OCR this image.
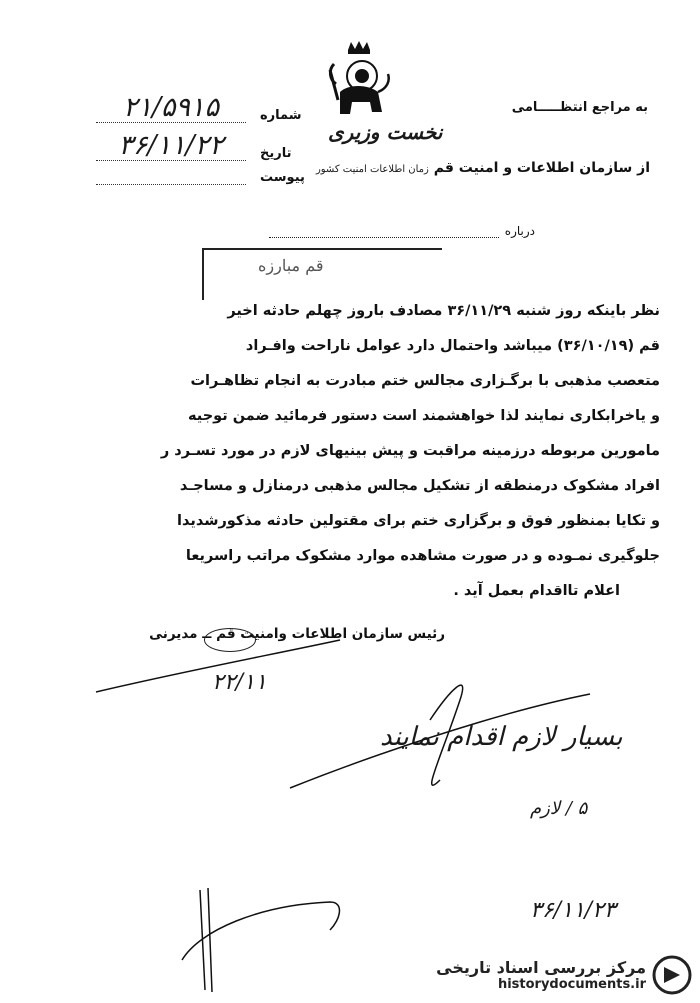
نخست وزیری
۲۱/۵۹۱۵	شماره
۳۶/۱۱/۲۲	تاریخ
پیوست
به مراجع انتظـــــامی
از سازمان اطلاعات و امنیت قم زمان اطلاعات امنیت کشور
درباره
قم مبارزه
نظر باینکه روز شنبه ۳۶/۱۱/۲۹ مصادف باروز چهلم حادثه اخیر
قم (۳۶/۱۰/۱۹) میباشد واحتمال دارد عوامل ناراحت وافـراد
متعصب مذهبی با برگـزاری مجالس ختم مبادرت به انجام تظاهـرات
و یاخرابکاری نمایند لذا خواهشمند است دستور فرمائید ضمن توجیه
مامورین مربوطه درزمینه مراقبت و پیش بینیهای لازم در مورد تسـرد ر
افراد مشکوک درمنطقه از تشکیل مجالس مذهبی درمنازل و مساجـد
و تکایا بمنظور فوق و برگزاری ختم برای مقتولین حادثه مذکورشدیدا
جلوگیری نمـوده و در صورت مشاهده موارد مشکوک مراتب راسریعا
اعلام تااقدام بعمل آید .
رئیس سازمان اطلاعات وامنیت قم ــ مدیرنی
۲۲/۱۱
بسیار لازم اقدام نمایند
۵ / لازم
۳۶/۱۱/۲۳
مرکز بررسی اسناد تاریخی
historydocuments.ir
